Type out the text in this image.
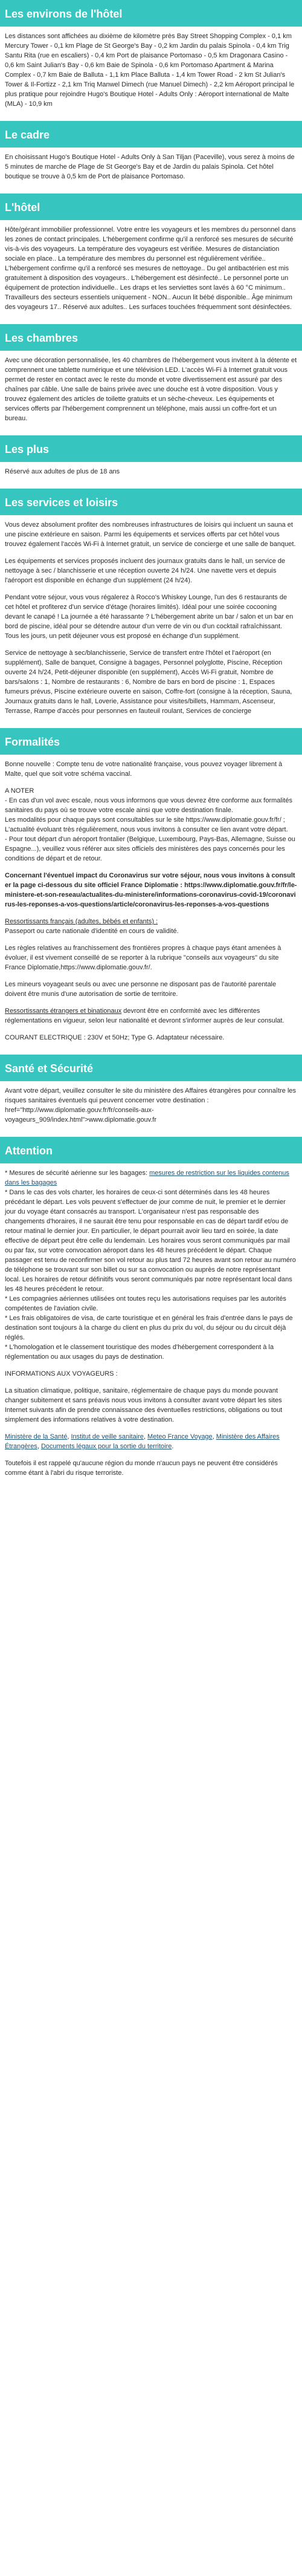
Les environs de l'hôtel

Les distances sont affichées au dixième de kilomètre près Bay Street Shopping Complex - 0,1 km Mercury Tower - 0,1 km Plage de St George's Bay - 0,2 km Jardin du palais Spinola - 0,4 km Trig Santu Rita (rue en escaliers) - 0,4 km Port de plaisance Portomaso - 0,5 km Dragonara Casino - 0,6 km Saint Julian's Bay - 0,6 km Baie de Spinola - 0,6 km Portomaso Apartment & Marina Complex - 0,7 km Baie de Balluta - 1,1 km Place Balluta - 1,4 km Tower Road - 2 km St Julian's Tower & Il-Fortizz - 2,1 km Triq Manwel Dimech (rue Manuel Dimech) - 2,2 km Aéroport principal le plus pratique pour rejoindre Hugo's Boutique Hotel - Adults Only : Aéroport international de Malte (MLA) - 10,9 km

Le cadre

En choisissant Hugo's Boutique Hotel - Adults Only à San Tiljan (Paceville), vous serez à moins de 5 minutes de marche de Plage de St George's Bay et de Jardin du palais Spinola. Cet hôtel boutique se trouve à 0,5 km de Port de plaisance Portomaso.

L'hôtel

Hôte/gérant immobilier professionnel. Votre entre les voyageurs et les membres du personnel dans les zones de contact principales. L'hébergement confirme qu'il a renforcé ses mesures de sécurité vis-à-vis des voyageurs. La température des voyageurs est vérifiée. Mesures de distanciation sociale en place.. La température des membres du personnel est régulièrement vérifiée.. L'hébergement confirme qu'il a renforcé ses mesures de nettoyage.. Du gel antibactérien est mis gratuitement à disposition des voyageurs.. L'hébergement est désinfecté.. Le personnel porte un équipement de protection individuelle.. Les draps et les serviettes sont lavés à 60 °C minimum.. Travailleurs des secteurs essentiels uniquement - NON.. Aucun lit bébé disponible.. Âge minimum des voyageurs 17.. Réservé aux adultes.. Les surfaces touchées fréquemment sont désinfectées.

Les chambres

Avec une décoration personnalisée, les 40 chambres de l'hébergement vous invitent à la détente et comprennent une tablette numérique et une télévision LED. L'accès Wi-Fi à Internet gratuit vous permet de rester en contact avec le reste du monde et votre divertissement est assuré par des chaînes par câble. Une salle de bains privée avec une douche est à votre disposition. Vous y trouvez également des articles de toilette gratuits et un sèche-cheveux. Les équipements et services offerts par l'hébergement comprennent un téléphone, mais aussi un coffre-fort et un bureau.

Les plus

Réservé aux adultes de plus de 18 ans

Les services et loisirs

Vous devez absolument profiter des nombreuses infrastructures de loisirs qui incluent un sauna et une piscine extérieure en saison. Parmi les équipements et services offerts par cet hôtel vous trouvez également l'accès Wi-Fi à Internet gratuit, un service de concierge et une salle de banquet.

Les équipements et services proposés incluent des journaux gratuits dans le hall, un service de nettoyage à sec / blanchisserie et une réception ouverte 24 h/24. Une navette vers et depuis l'aéroport est disponible en échange d'un supplément (24 h/24).

Pendant votre séjour, vous vous régalerez à Rocco's Whiskey Lounge, l'un des 6 restaurants de cet hôtel et profiterez d'un service d'étage (horaires limités). Idéal pour une soirée cocooning devant le canapé ! La journée a été harassante ? L'hébergement abrite un bar / salon et un bar en bord de piscine, idéal pour se détendre autour d'un verre de vin ou d'un cocktail rafraîchissant. Tous les jours, un petit déjeuner vous est proposé en échange d'un supplément.

Service de nettoyage à sec/blanchisserie, Service de transfert entre l'hôtel et l'aéroport (en supplément), Salle de banquet, Consigne à bagages, Personnel polyglotte, Piscine, Réception ouverte 24 h/24, Petit-déjeuner disponible (en supplément), Accès Wi-Fi gratuit, Nombre de bars/salons : 1, Nombre de restaurants : 6, Nombre de bars en bord de piscine : 1, Espaces fumeurs prévus, Piscine extérieure ouverte en saison, Coffre-fort (consigne à la réception, Sauna, Journaux gratuits dans le hall, Loverie, Assistance pour visites/billets, Hammam, Ascenseur, Terrasse, Rampe d'accès pour personnes en fauteuil roulant, Services de concierge

Formalités

Bonne nouvelle : Compte tenu de votre nationalité française, vous pouvez voyager librement à Malte, quel que soit votre schéma vaccinal.

A NOTER
- En cas d'un vol avec escale, nous vous informons que vous devrez être conforme aux formalités sanitaires du pays où se trouve votre escale ainsi que votre destination finale.
Les modalités pour chaque pays sont consultables sur le site https://www.diplomatie.gouv.fr/fr/ ; L'actualité évoluant très régulièrement, nous vous invitons à consulter ce lien avant votre départ.
- Pour tout départ d'un aéroport frontalier (Belgique, Luxembourg, Pays-Bas, Allemagne, Suisse ou Espagne...), veuillez vous référer aux sites officiels des ministères des pays concernés pour les conditions de départ et de retour.

Concernant l'éventuel impact du Coronavirus sur votre séjour, nous vous invitons à consulter la page ci-dessous du site officiel France Diplomatie : https://www.diplomatie.gouv.fr/fr/le-ministere-et-son-reseau/actualites-du-ministere/informations-coronavirus-covid-19/coronavirus-les-reponses-a-vos-questions/article/coronavirus-les-reponses-a-vos-questions

Ressortissants français (adultes, bébés et enfants) :
Passeport ou carte nationale d'identité en cours de validité.

Les règles relatives au franchissement des frontières propres à chaque pays étant amenées à évoluer, il est vivement conseillé de se reporter à la rubrique "conseils aux voyageurs" du site France Diplomatie,https://www.diplomatie.gouv.fr/.

Les mineurs voyageant seuls ou avec une personne ne disposant pas de l'autorité parentale doivent être munis d'une autorisation de sortie de territoire.

Ressortissants étrangers et binationaux devront être en conformité avec les différentes réglementations en vigueur, selon leur nationalité et devront s'informer auprès de leur consulat.

COURANT ELECTRIQUE : 230V et 50Hz; Type G. Adaptateur nécessaire.

Santé et Sécurité

Avant votre départ, veuillez consulter le site du ministère des Affaires étrangères pour connaître les risques sanitaires éventuels qui peuvent concerner votre destination : href="http://www.diplomatie.gouv.fr/fr/conseils-aux-voyageurs_909/index.html">www.diplomatie.gouv.fr

Attention

* Mesures de sécurité aérienne sur les bagages: mesures de restriction sur les liquides contenus dans les bagages

* Dans le cas des vols charter, les horaires de ceux-ci sont déterminés dans les 48 heures précédant le départ. Les vols peuvent s'effectuer de jour comme de nuit, le premier et le dernier jour du voyage étant consacrés au transport. L'organisateur n'est pas responsable des changements d'horaires, il ne saurait être tenu pour responsable en cas de départ tardif et/ou de retour matinal le dernier jour. En particulier, le départ pourrait avoir lieu tard en soirée, la date effective de départ peut être celle du lendemain. Les horaires vous seront communiqués par mail ou par fax, sur votre convocation aéroport dans les 48 heures précédent le départ. Chaque passager est tenu de reconfirmer son vol retour au plus tard 72 heures avant son retour au numéro de téléphone se trouvant sur son billet ou sur sa convocation ou auprès de notre représentant local. Les horaires de retour définitifs vous seront communiqués par notre représentant local dans les 48 heures précédent le retour.

* Les compagnies aériennes utilisées ont toutes reçu les autorisations requises par les autorités compétentes de l'aviation civile.

* Les frais obligatoires de visa, de carte touristique et en général les frais d'entrée dans le pays de destination sont toujours à la charge du client en plus du prix du vol, du séjour ou du circuit déjà réglés.

* L'homologation et le classement touristique des modes d'hébergement correspondent à la réglementation ou aux usages du pays de destination.

INFORMATIONS AUX VOYAGEURS :

La situation climatique, politique, sanitaire, réglementaire de chaque pays du monde pouvant changer subitement et sans préavis nous vous invitons à consulter avant votre départ les sites Internet suivants afin de prendre connaissance des éventuelles restrictions, obligations ou tout simplement des informations relatives à votre destination.

Ministère de la Santé, Institut de veille sanitaire, Meteo France Voyage, Ministère des Affaires Étrangères, Documents légaux pour la sortie du territoire.

Toutefois il est rappelé qu'aucune région du monde n'aucun pays ne peuvent être considérés comme étant à l'abri du risque terroriste.
